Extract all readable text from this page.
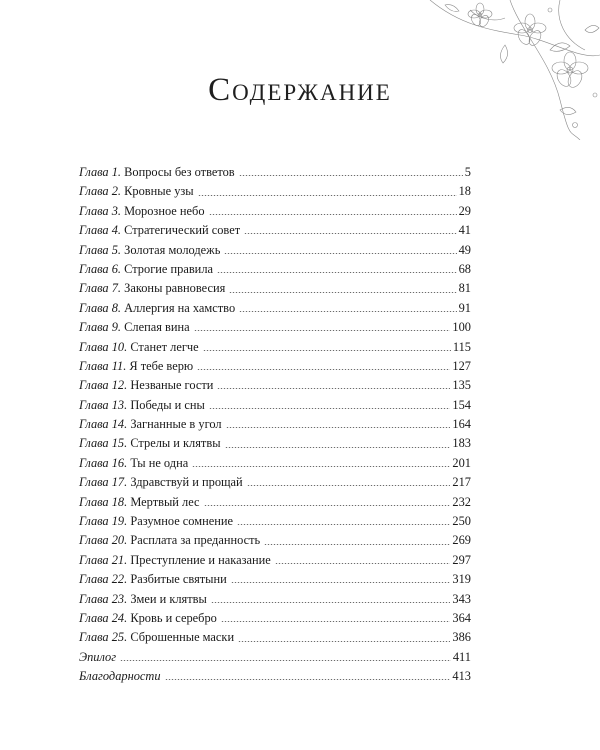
Содержание
Глава 1. Вопросы без ответов	5
Глава 2. Кровные узы	18
Глава 3. Морозное небо	29
Глава 4. Стратегический совет	41
Глава 5. Золотая молодежь	49
Глава 6. Строгие правила	68
Глава 7. Законы равновесия	81
Глава 8. Аллергия на хамство	91
Глава 9. Слепая вина	100
Глава 10. Станет легче	115
Глава 11. Я тебе верю	127
Глава 12. Незваные гости	135
Глава 13. Победы и сны	154
Глава 14. Загнанные в угол	164
Глава 15. Стрелы и клятвы	183
Глава 16. Ты не одна	201
Глава 17. Здравствуй и прощай	217
Глава 18. Мертвый лес	232
Глава 19. Разумное сомнение	250
Глава 20. Расплата за преданность	269
Глава 21. Преступление и наказание	297
Глава 22. Разбитые святыни	319
Глава 23. Змеи и клятвы	343
Глава 24. Кровь и серебро	364
Глава 25. Сброшенные маски	386
Эпилог	411
Благодарности	413
